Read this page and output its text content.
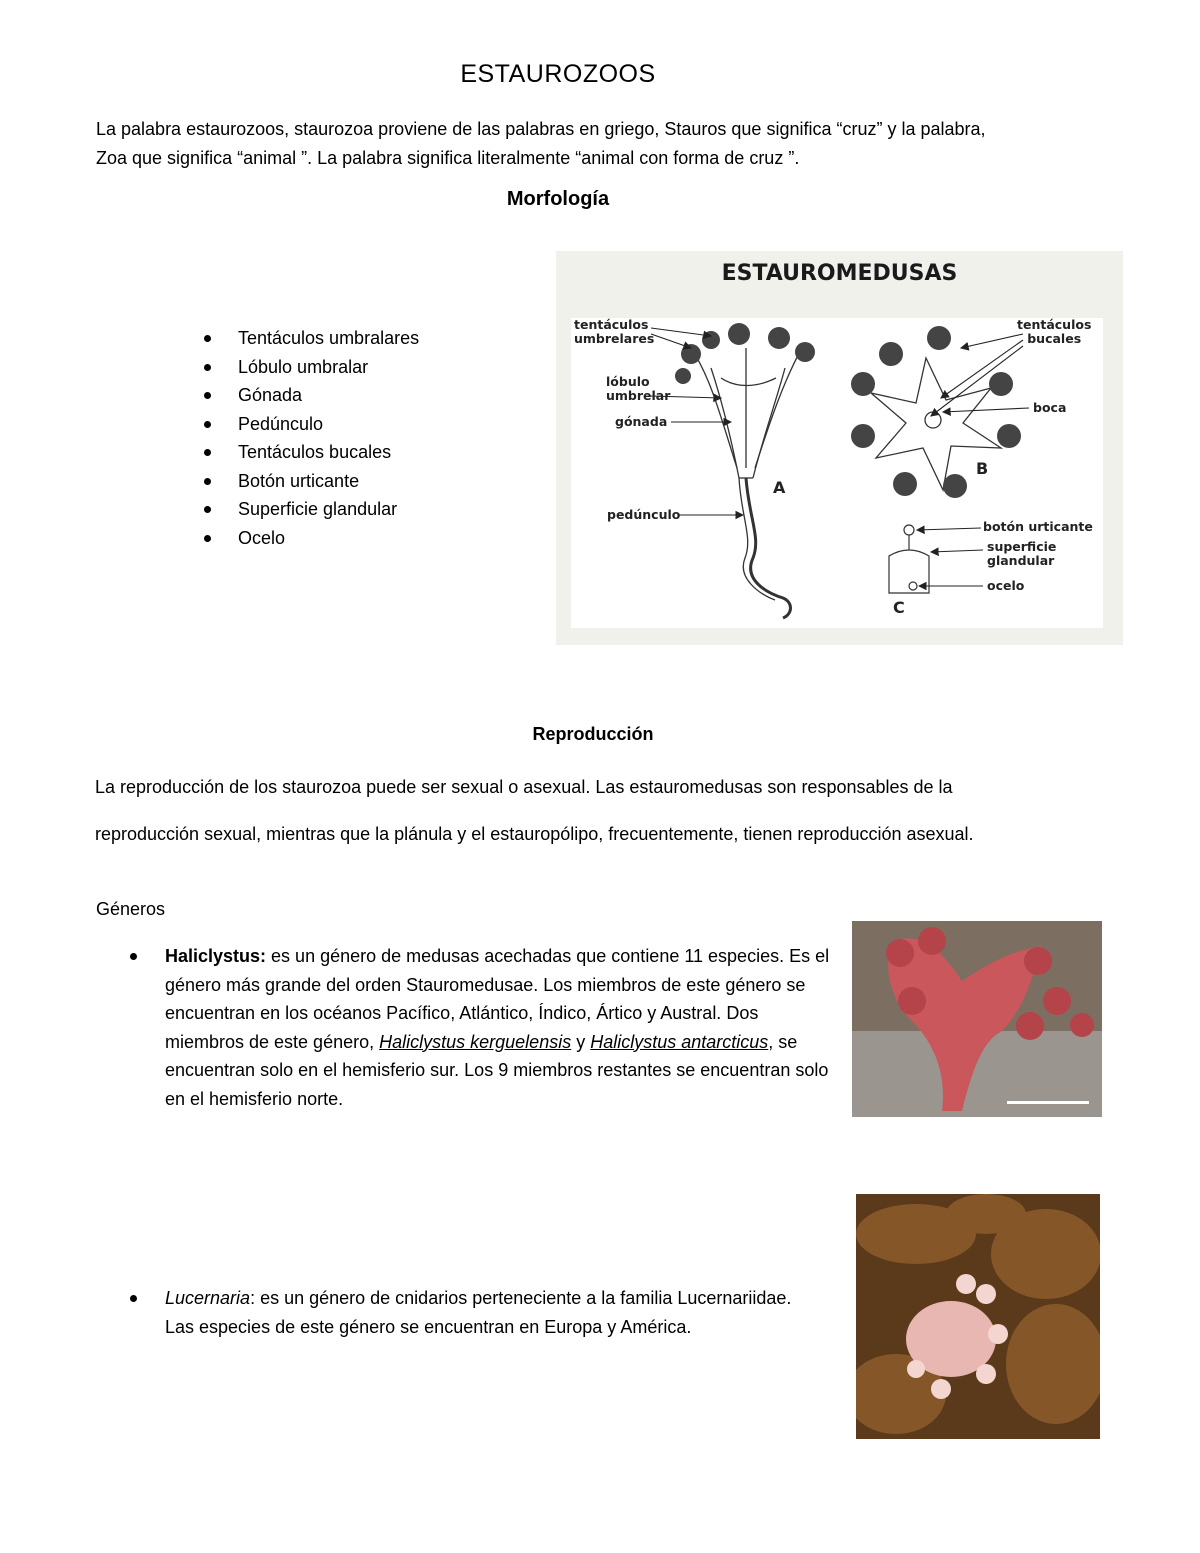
ESTAUROZOOS

La palabra estaurozoos, staurozoa proviene de las palabras en griego, Stauros que significa “cruz” y la palabra,

Zoa que significa “animal ”. La palabra significa literalmente “animal con forma de cruz ”.

Morfología
Tentáculos umbralares
Lóbulo umbralar
Gónada
Pedúnculo
Tentáculos bucales
Botón urticante
Superficie glandular
Ocelo
ESTAUROMEDUSAS
tentáculos
umbrelares
lóbulo
umbrelar
gónada
pedúnculo
tentáculos
bucales
boca
botón urticante
superficie
glandular
ocelo
A
B
C
Reproducción
La reproducción de los staurozoa puede ser sexual o asexual. Las estauromedusas son responsables de la
reproducción sexual, mientras que la plánula y el estauropólipo, frecuentemente, tienen reproducción asexual.
Géneros
Haliclystus: es un género de medusas acechadas que contiene 11 especies. Es el género más grande del orden Stauromedusae. Los miembros de este género se encuentran en los océanos Pacífico, Atlántico, Índico, Ártico y Austral. Dos miembros de este género, Haliclystus kerguelensis y Haliclystus antarcticus, se encuentran solo en el hemisferio sur. Los 9 miembros restantes se encuentran solo en el hemisferio norte.
Lucernaria: es un género de cnidarios perteneciente a la familia Lucernariidae. Las especies de este género se encuentran en Europa y América.
